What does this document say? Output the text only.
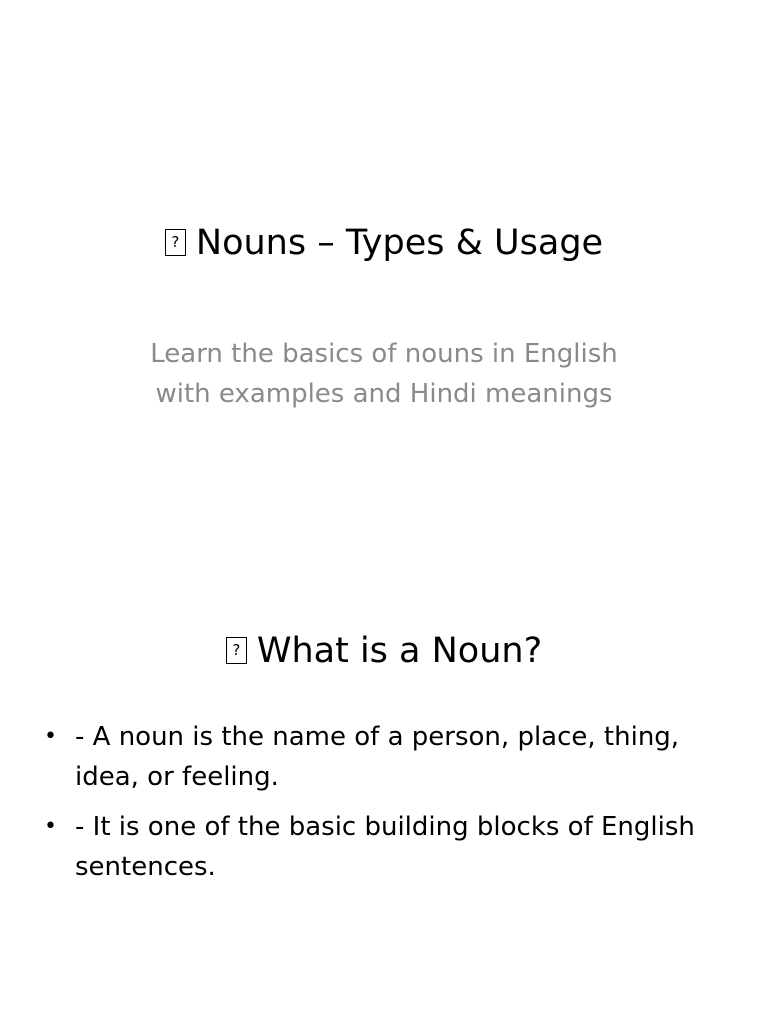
?Nouns – Types & Usage
Learn the basics of nouns in English
with examples and Hindi meanings
?What is a Noun?
• - A noun is the name of a person, place, thing, idea, or feeling.
• - It is one of the basic building blocks of English sentences.
